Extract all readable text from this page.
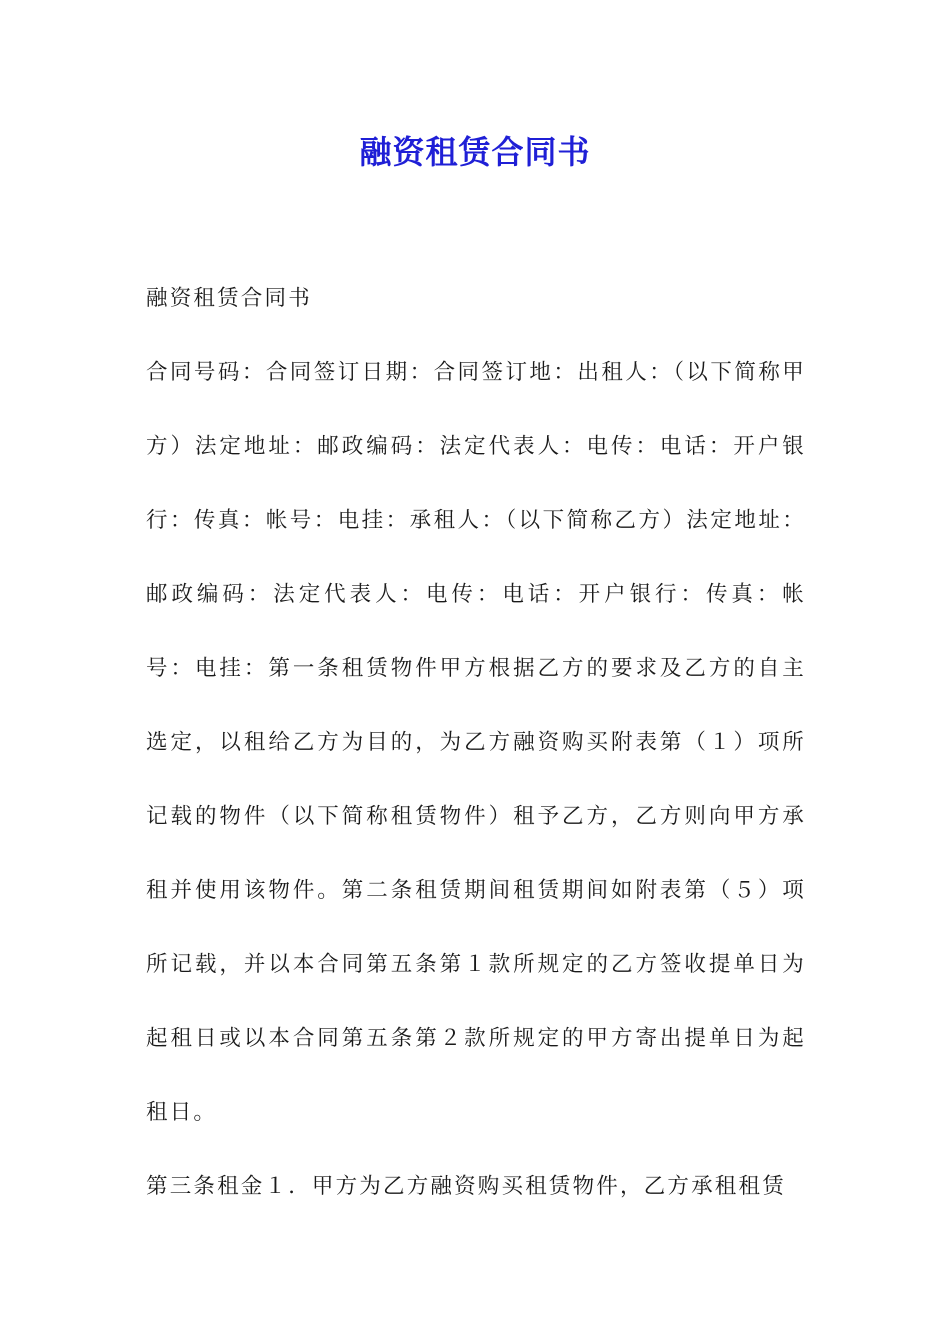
融资租赁合同书

融资租赁合同书

合同号码：合同签订日期：合同签订地：出租人：（以下简称甲方）法定地址：邮政编码：法定代表人：电传：电话：开户银行：传真：帐号：电挂：承租人：（以下简称乙方）法定地址：邮政编码：法定代表人：电传：电话：开户银行：传真：帐号：电挂：第一条租赁物件甲方根据乙方的要求及乙方的自主选定，以租给乙方为目的，为乙方融资购买附表第（１）项所记载的物件（以下简称租赁物件）租予乙方，乙方则向甲方承租并使用该物件。第二条租赁期间租赁期间如附表第（５）项所记载，并以本合同第五条第１款所规定的乙方签收提单日为起租日或以本合同第五条第２款所规定的甲方寄出提单日为起租日。

第三条租金１．甲方为乙方融资购买租赁物件，乙方承租租赁
